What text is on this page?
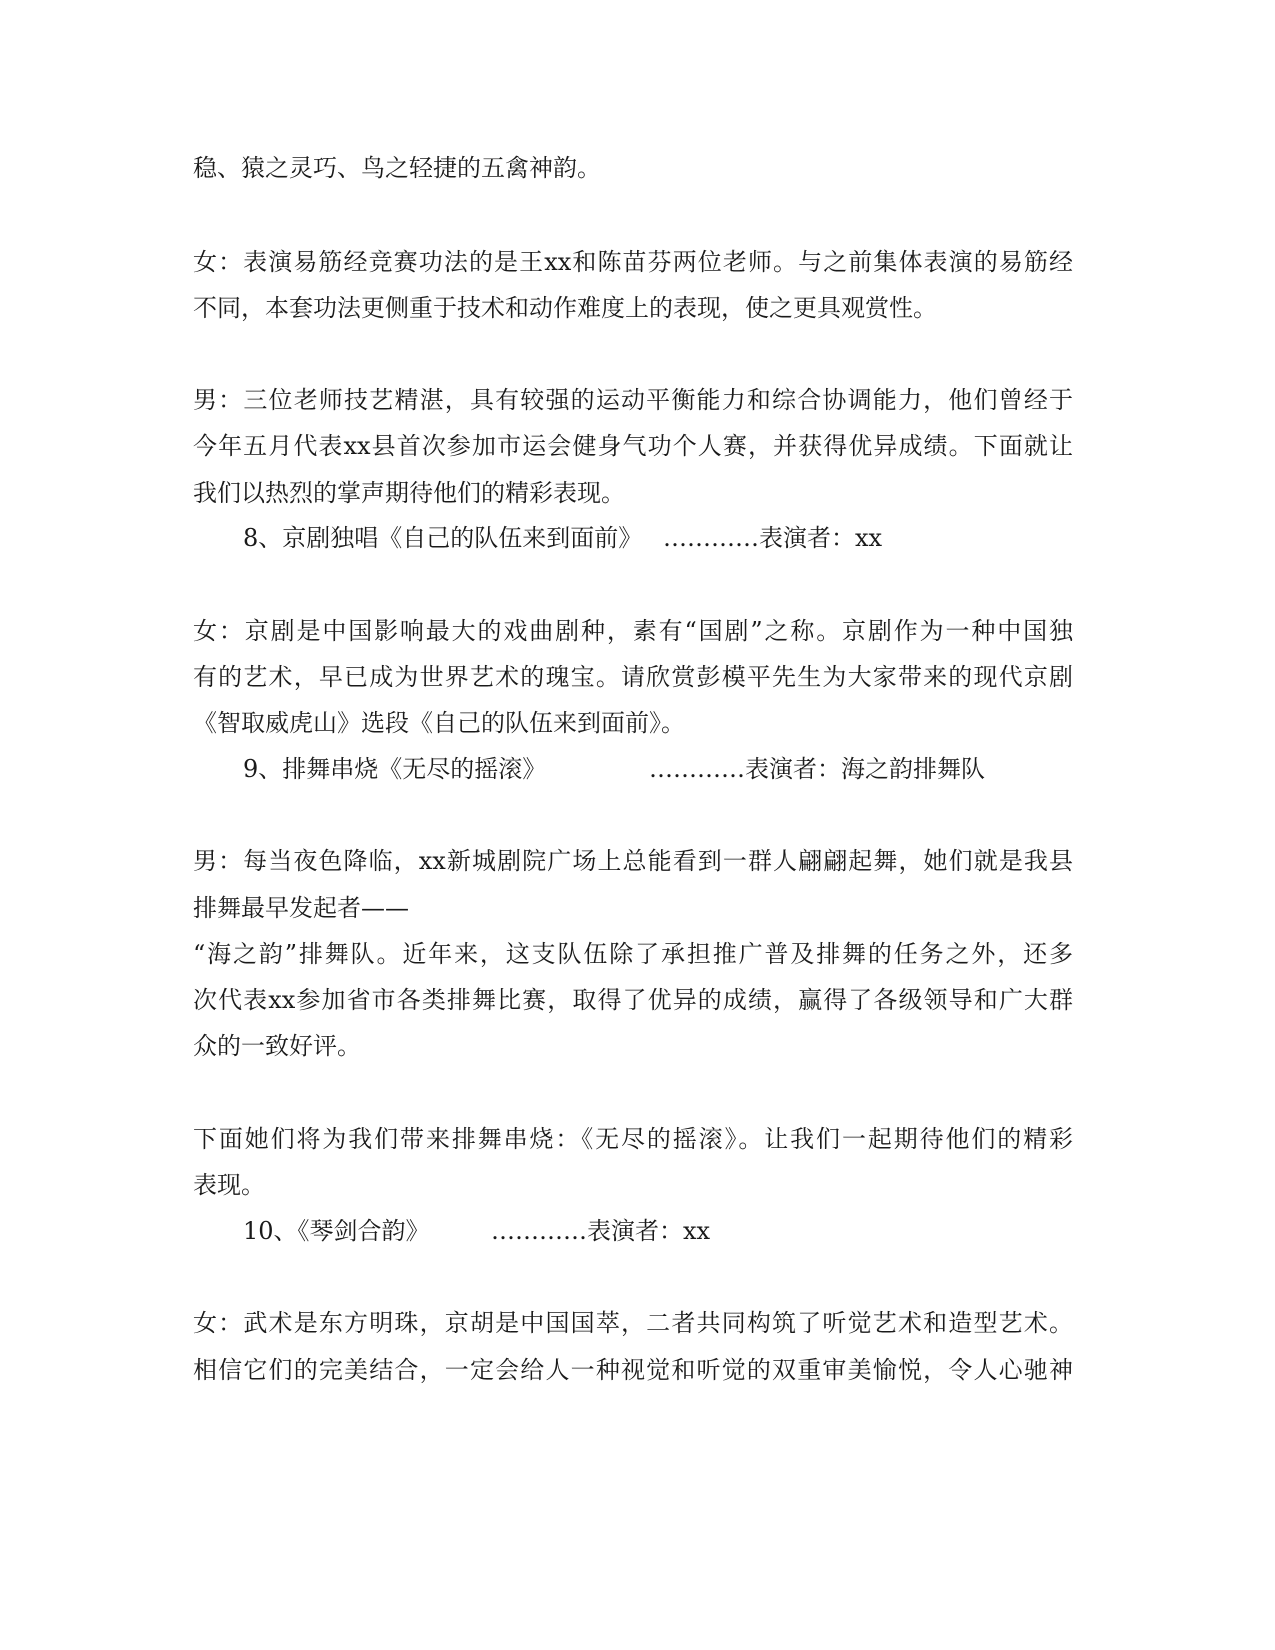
稳、猿之灵巧、鸟之轻捷的五禽神韵。
女：表演易筋经竞赛功法的是王xx和陈苗芬两位老师。与之前集体表演的易筋经
不同，本套功法更侧重于技术和动作难度上的表现，使之更具观赏性。
男：三位老师技艺精湛，具有较强的运动平衡能力和综合协调能力，他们曾经于
今年五月代表xx县首次参加市运会健身气功个人赛，并获得优异成绩。下面就让
我们以热烈的掌声期待他们的精彩表现。
8、京剧独唱《自己的队伍来到面前》 …………表演者：xx
女：京剧是中国影响最大的戏曲剧种，素有“国剧”之称。京剧作为一种中国独
有的艺术，早已成为世界艺术的瑰宝。请欣赏彭模平先生为大家带来的现代京剧
《智取威虎山》选段《自己的队伍来到面前》。
9、排舞串烧《无尽的摇滚》	…………表演者：海之韵排舞队
男：每当夜色降临，xx新城剧院广场上总能看到一群人翩翩起舞，她们就是我县
排舞最早发起者——
“海之韵”排舞队。近年来，这支队伍除了承担推广普及排舞的任务之外，还多
次代表xx参加省市各类排舞比赛，取得了优异的成绩，赢得了各级领导和广大群
众的一致好评。
下面她们将为我们带来排舞串烧：《无尽的摇滚》。让我们一起期待他们的精彩
表现。
10、《琴剑合韵》	…………表演者：xx
女：武术是东方明珠，京胡是中国国萃，二者共同构筑了听觉艺术和造型艺术。
相信它们的完美结合，一定会给人一种视觉和听觉的双重审美愉悦，令人心驰神
